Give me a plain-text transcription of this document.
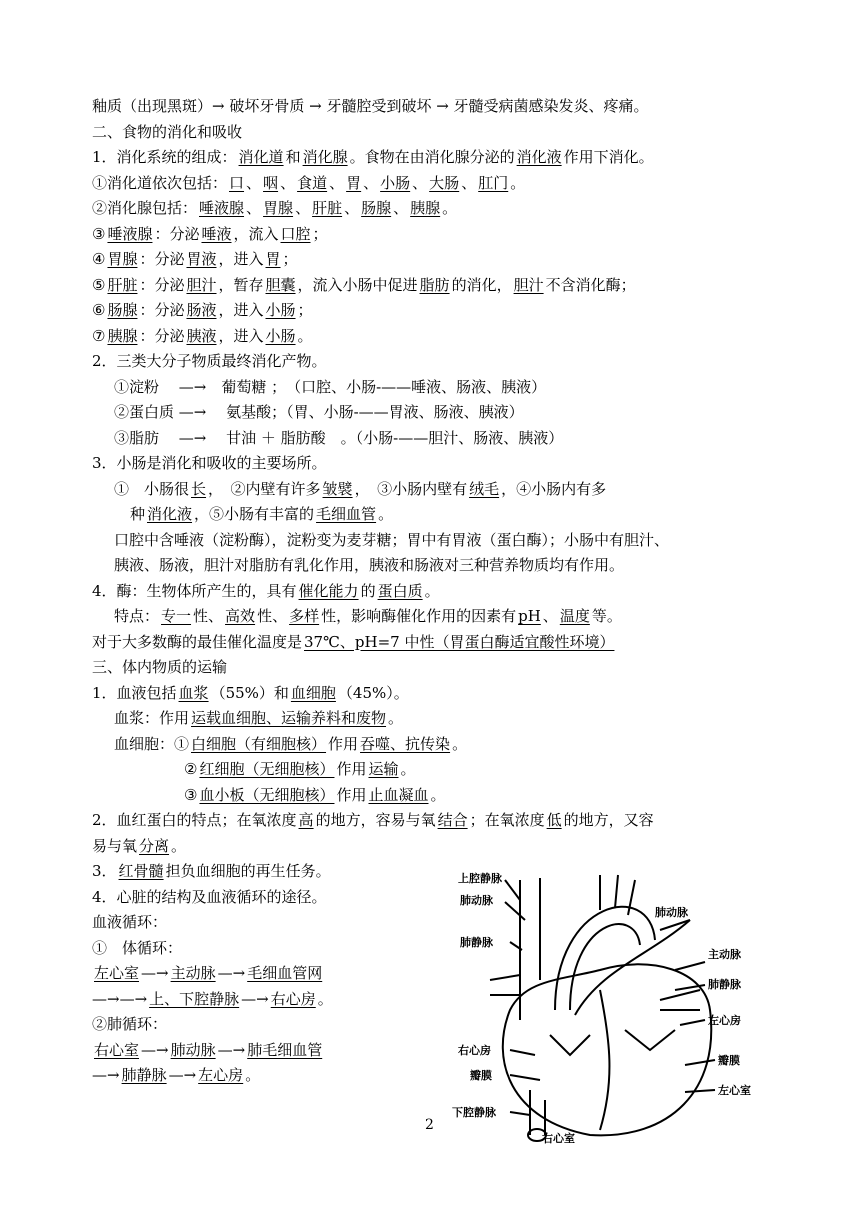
釉质（出现黑斑）→ 破坏牙骨质 → 牙髓腔受到破坏 → 牙髓受病菌感染发炎、疼痛。
二、食物的消化和吸收
1．消化系统的组成： 消化道 和 消化腺 。食物在由消化腺分泌的 消化液 作用下消化。
①消化道依次包括： 口 、 咽 、 食道 、 胃 、 小肠 、 大肠 、 肛门 。
②消化腺包括： 唾液腺 、 胃腺 、 肝脏 、 肠腺 、 胰腺 。
③ 唾液腺 ：分泌 唾液 ，流入 口腔 ；
④ 胃腺 ：分泌 胃液 ，进入 胃 ；
⑤ 肝脏 ：分泌 胆汁 ，暂存 胆囊 ，流入小肠中促进 脂肪 的消化， 胆汁 不含消化酶；
⑥ 肠腺 ：分泌 肠液 ，进入 小肠 ；
⑦ 胰腺 ：分泌 胰液 ，进入 小肠 。
2．三类大分子物质最终消化产物。
①淀粉　 —→　葡萄糖 ；　（口腔、小肠-——唾液、肠液、胰液）
②蛋白质 —→　 氨基酸；（胃、小肠-——胃液、肠液、胰液）
③脂肪　 —→　 甘油 ＋ 脂肪酸　。（小肠-——胆汁、肠液、胰液）
3．小肠是消化和吸收的主要场所。
①　小肠很 长 ，　②内壁有许多 皱襞 ，　③小肠内壁有 绒毛 ，④小肠内有多
种 消化液 ，⑤小肠有丰富的 毛细血管 。
口腔中含唾液（淀粉酶），淀粉变为麦芽糖；胃中有胃液（蛋白酶）；小肠中有胆汁、
胰液、肠液，胆汁对脂肪有乳化作用，胰液和肠液对三种营养物质均有作用。
4．酶：生物体所产生的，具有 催化能力 的 蛋白质 。
特点： 专一 性、 高效 性、 多样 性，影响酶催化作用的因素有 pH 、 温度 等。
对于大多数酶的最佳催化温度是 37℃、pH=7 中性（胃蛋白酶适宜酸性环境）
三、体内物质的运输
1．血液包括 血浆 （55%）和 血细胞 （45%）。
血浆：作用 运载血细胞、运输养料和废物 。
血细胞：① 白细胞（有细胞核） 作用 吞噬、抗传染 。
② 红细胞（无细胞核） 作用 运输 。
③ 血小板（无细胞核） 作用 止血凝血 。
2．血红蛋白的特点；在氧浓度 高 的地方，容易与氧 结合 ；在氧浓度 低 的地方，又容
易与氧 分离 。
3． 红骨髓 担负血细胞的再生任务。
4．心脏的结构及血液循环的途径。
血液循环：
①　体循环：
左心室 —→ 主动脉 —→ 毛细血管网
—→—→ 上、下腔静脉 —→ 右心房 。
②肺循环：
右心室 —→ 肺动脉 —→ 肺毛细血管
—→ 肺静脉 —→ 左心房 。
上腔静脉
肺动脉
肺静脉
肺动脉
主动脉
肺静脉
左心房
右心房
瓣膜
瓣膜
左心室
下腔静脉
右心室
2
